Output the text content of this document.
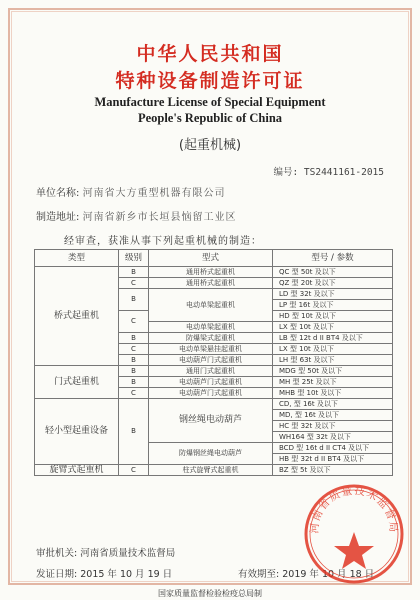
中华人民共和国
特种设备制造许可证
Manufacture License of Special Equipment
People's Republic of China
(起重机械)
编号: TS2441161-2015
单位名称: 河南省大方重型机器有限公司
制造地址: 河南省新乡市长垣县恼留工业区
经审查，获准从事下列起重机械的制造：
类型	级别	型式	型号 / 参数
桥式起重机	B	通用桥式起重机	QC 型 50t 及以下
	C	通用桥式起重机	QZ 型 20t 及以下
	B	电动单梁起重机	LD 型 32t 及以下
			LP 型 16t 及以下
	C		HD 型 10t 及以下
		电动单梁起重机	LX 型 10t 及以下
	B	防爆梁式起重机	LB 型 12t d II BT4 及以下
	C	电动单梁悬挂起重机	LX 型 10t 及以下
	B	电动葫芦门式起重机	LH 型 63t 及以下
门式起重机	B	通用门式起重机	MDG 型 50t 及以下
	B	电动葫芦门式起重机	MH 型 25t 及以下
	C	电动葫芦门式起重机	MHB 型 10t 及以下
轻小型起重设备	B	钢丝绳电动葫芦	CD, 型 16t 及以下
			MD, 型 16t 及以下
			HC 型 32t 及以下
			WH164 型 32t 及以下
		防爆钢丝绳电动葫芦	BCD 型 16t d II CT4 及以下
			HB 型 32t d II BT4 及以下
旋臂式起重机	C	柱式旋臂式起重机	BZ 型 5t 及以下
审批机关: 河南省质量技术监督局
发证日期: 2015 年 10 月 19 日	有效期至: 2019 年 10 月 18 日
国家质量监督检验检疫总局制
河南省质量技术监督局
